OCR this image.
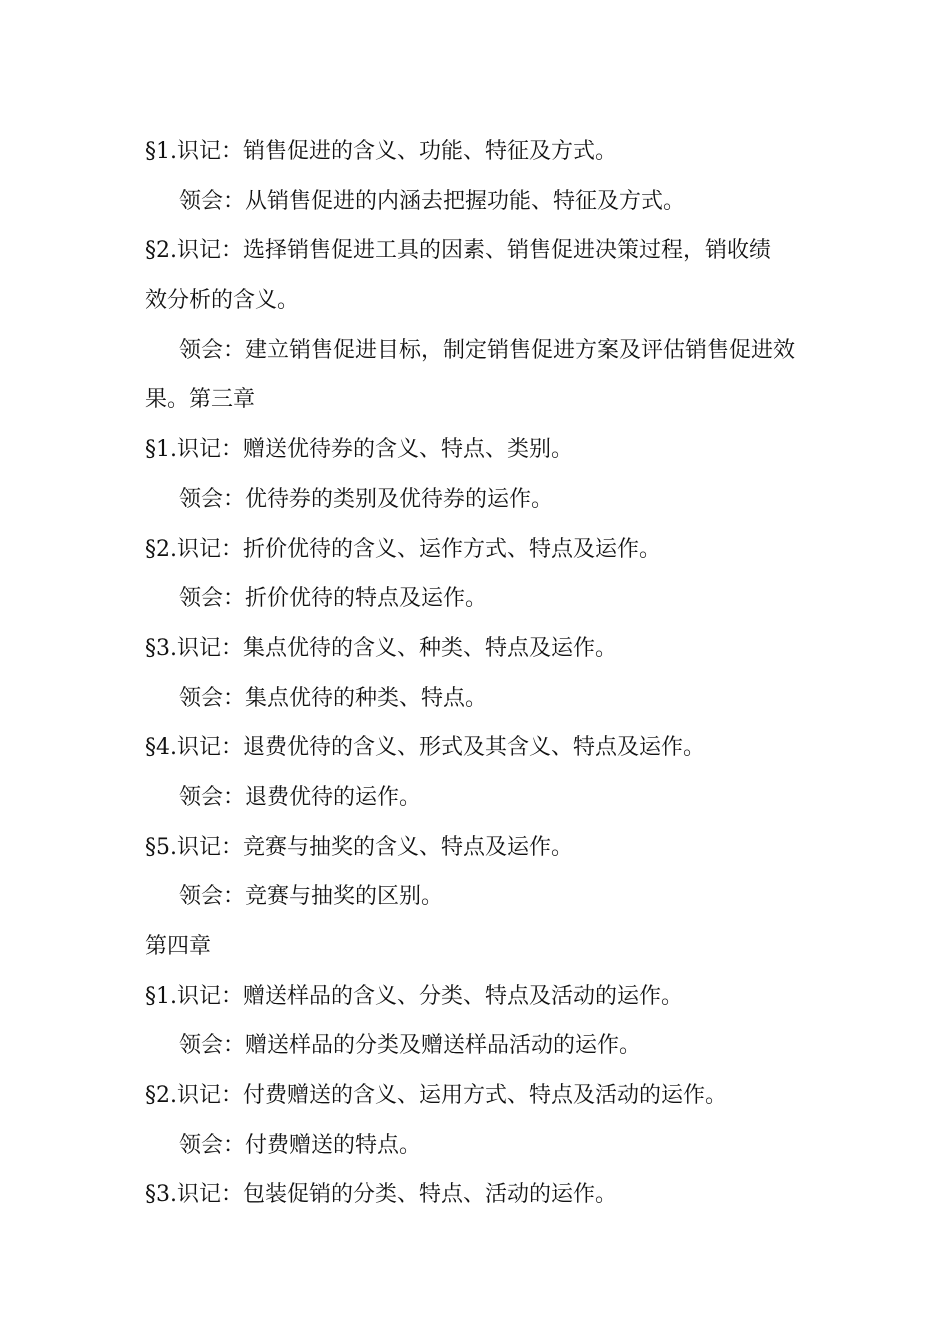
§1.识记：销售促进的含义、功能、特征及方式。
领会：从销售促进的内涵去把握功能、特征及方式。
§2.识记：选择销售促进工具的因素、销售促进决策过程，销收绩
效分析的含义。
领会：建立销售促进目标，制定销售促进方案及评估销售促进效
果。第三章
§1.识记：赠送优待券的含义、特点、类别。
领会：优待券的类别及优待券的运作。
§2.识记：折价优待的含义、运作方式、特点及运作。
领会：折价优待的特点及运作。
§3.识记：集点优待的含义、种类、特点及运作。
领会：集点优待的种类、特点。
§4.识记：退费优待的含义、形式及其含义、特点及运作。
领会：退费优待的运作。
§5.识记：竞赛与抽奖的含义、特点及运作。
领会：竞赛与抽奖的区别。
第四章
§1.识记：赠送样品的含义、分类、特点及活动的运作。
领会：赠送样品的分类及赠送样品活动的运作。
§2.识记：付费赠送的含义、运用方式、特点及活动的运作。
领会：付费赠送的特点。
§3.识记：包装促销的分类、特点、活动的运作。
